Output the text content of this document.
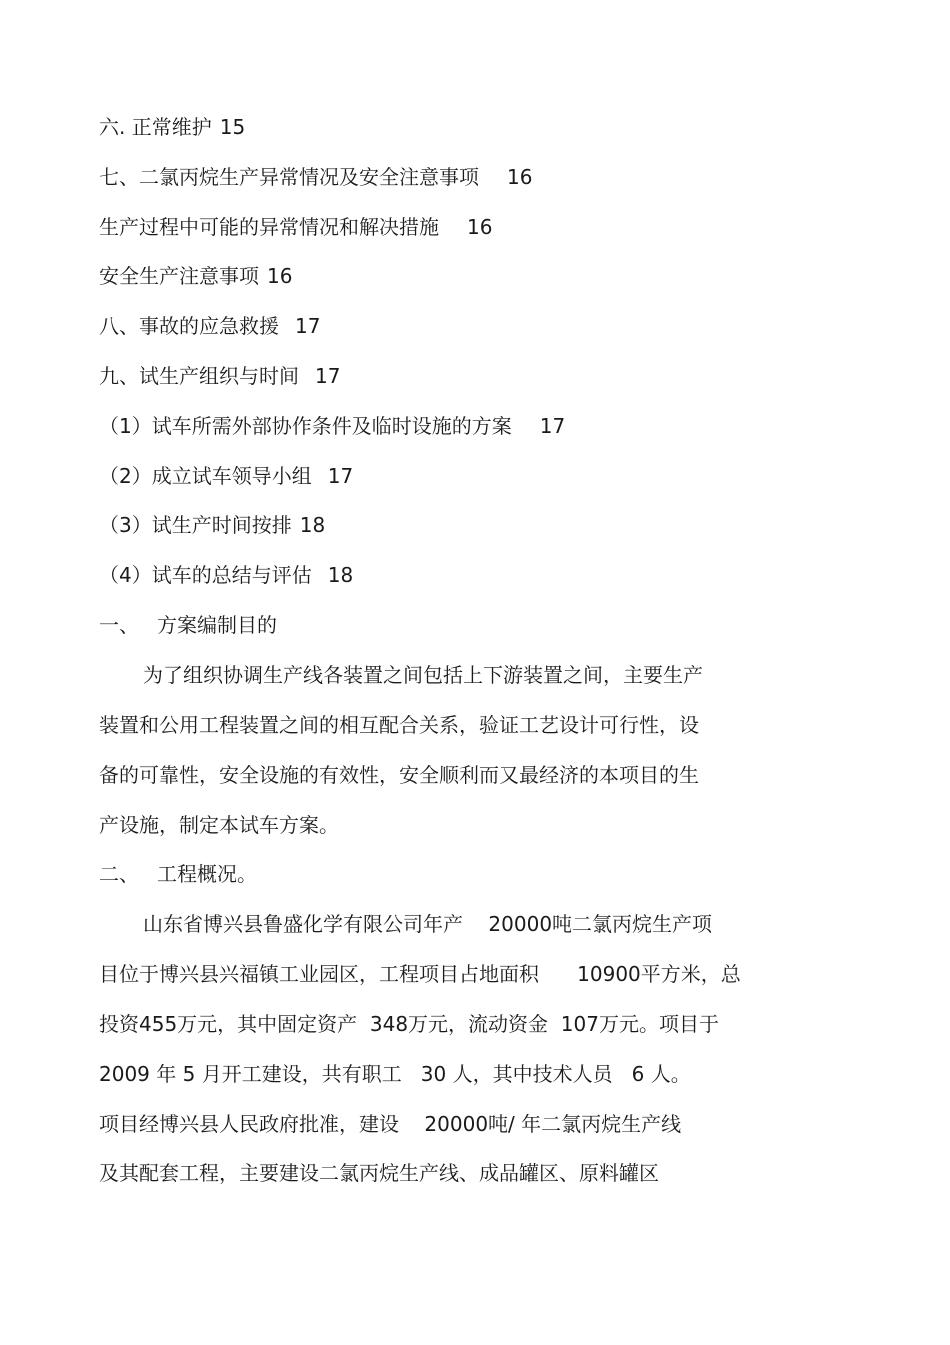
六. 正常维护 15
七、二氯丙烷生产异常情况及安全注意事项 16
生产过程中可能的异常情况和解决措施 16
安全生产注意事项 16
八、事故的应急救援 17
九、试生产组织与时间 17
（1）试车所需外部协作条件及临时设施的方案 17
（2）成立试车领导小组 17
（3）试生产时间按排 18
（4）试车的总结与评估 18
一、 方案编制目的
为了组织协调生产线各装置之间包括上下游装置之间，主要生产
装置和公用工程装置之间的相互配合关系，验证工艺设计可行性，设
备的可靠性，安全设施的有效性，安全顺利而又最经济的本项目的生
产设施，制定本试车方案。
二、 工程概况。
山东省博兴县鲁盛化学有限公司年产    20000吨二氯丙烷生产项
目位于博兴县兴福镇工业园区，工程项目占地面积      10900平方米，总
投资455万元，其中固定资产  348万元，流动资金  107万元。项目于
2009 年 5 月开工建设，共有职工   30 人，其中技术人员   6 人。
项目经博兴县人民政府批准，建设    20000吨/ 年二氯丙烷生产线
及其配套工程，主要建设二氯丙烷生产线、成品罐区、原料罐区
